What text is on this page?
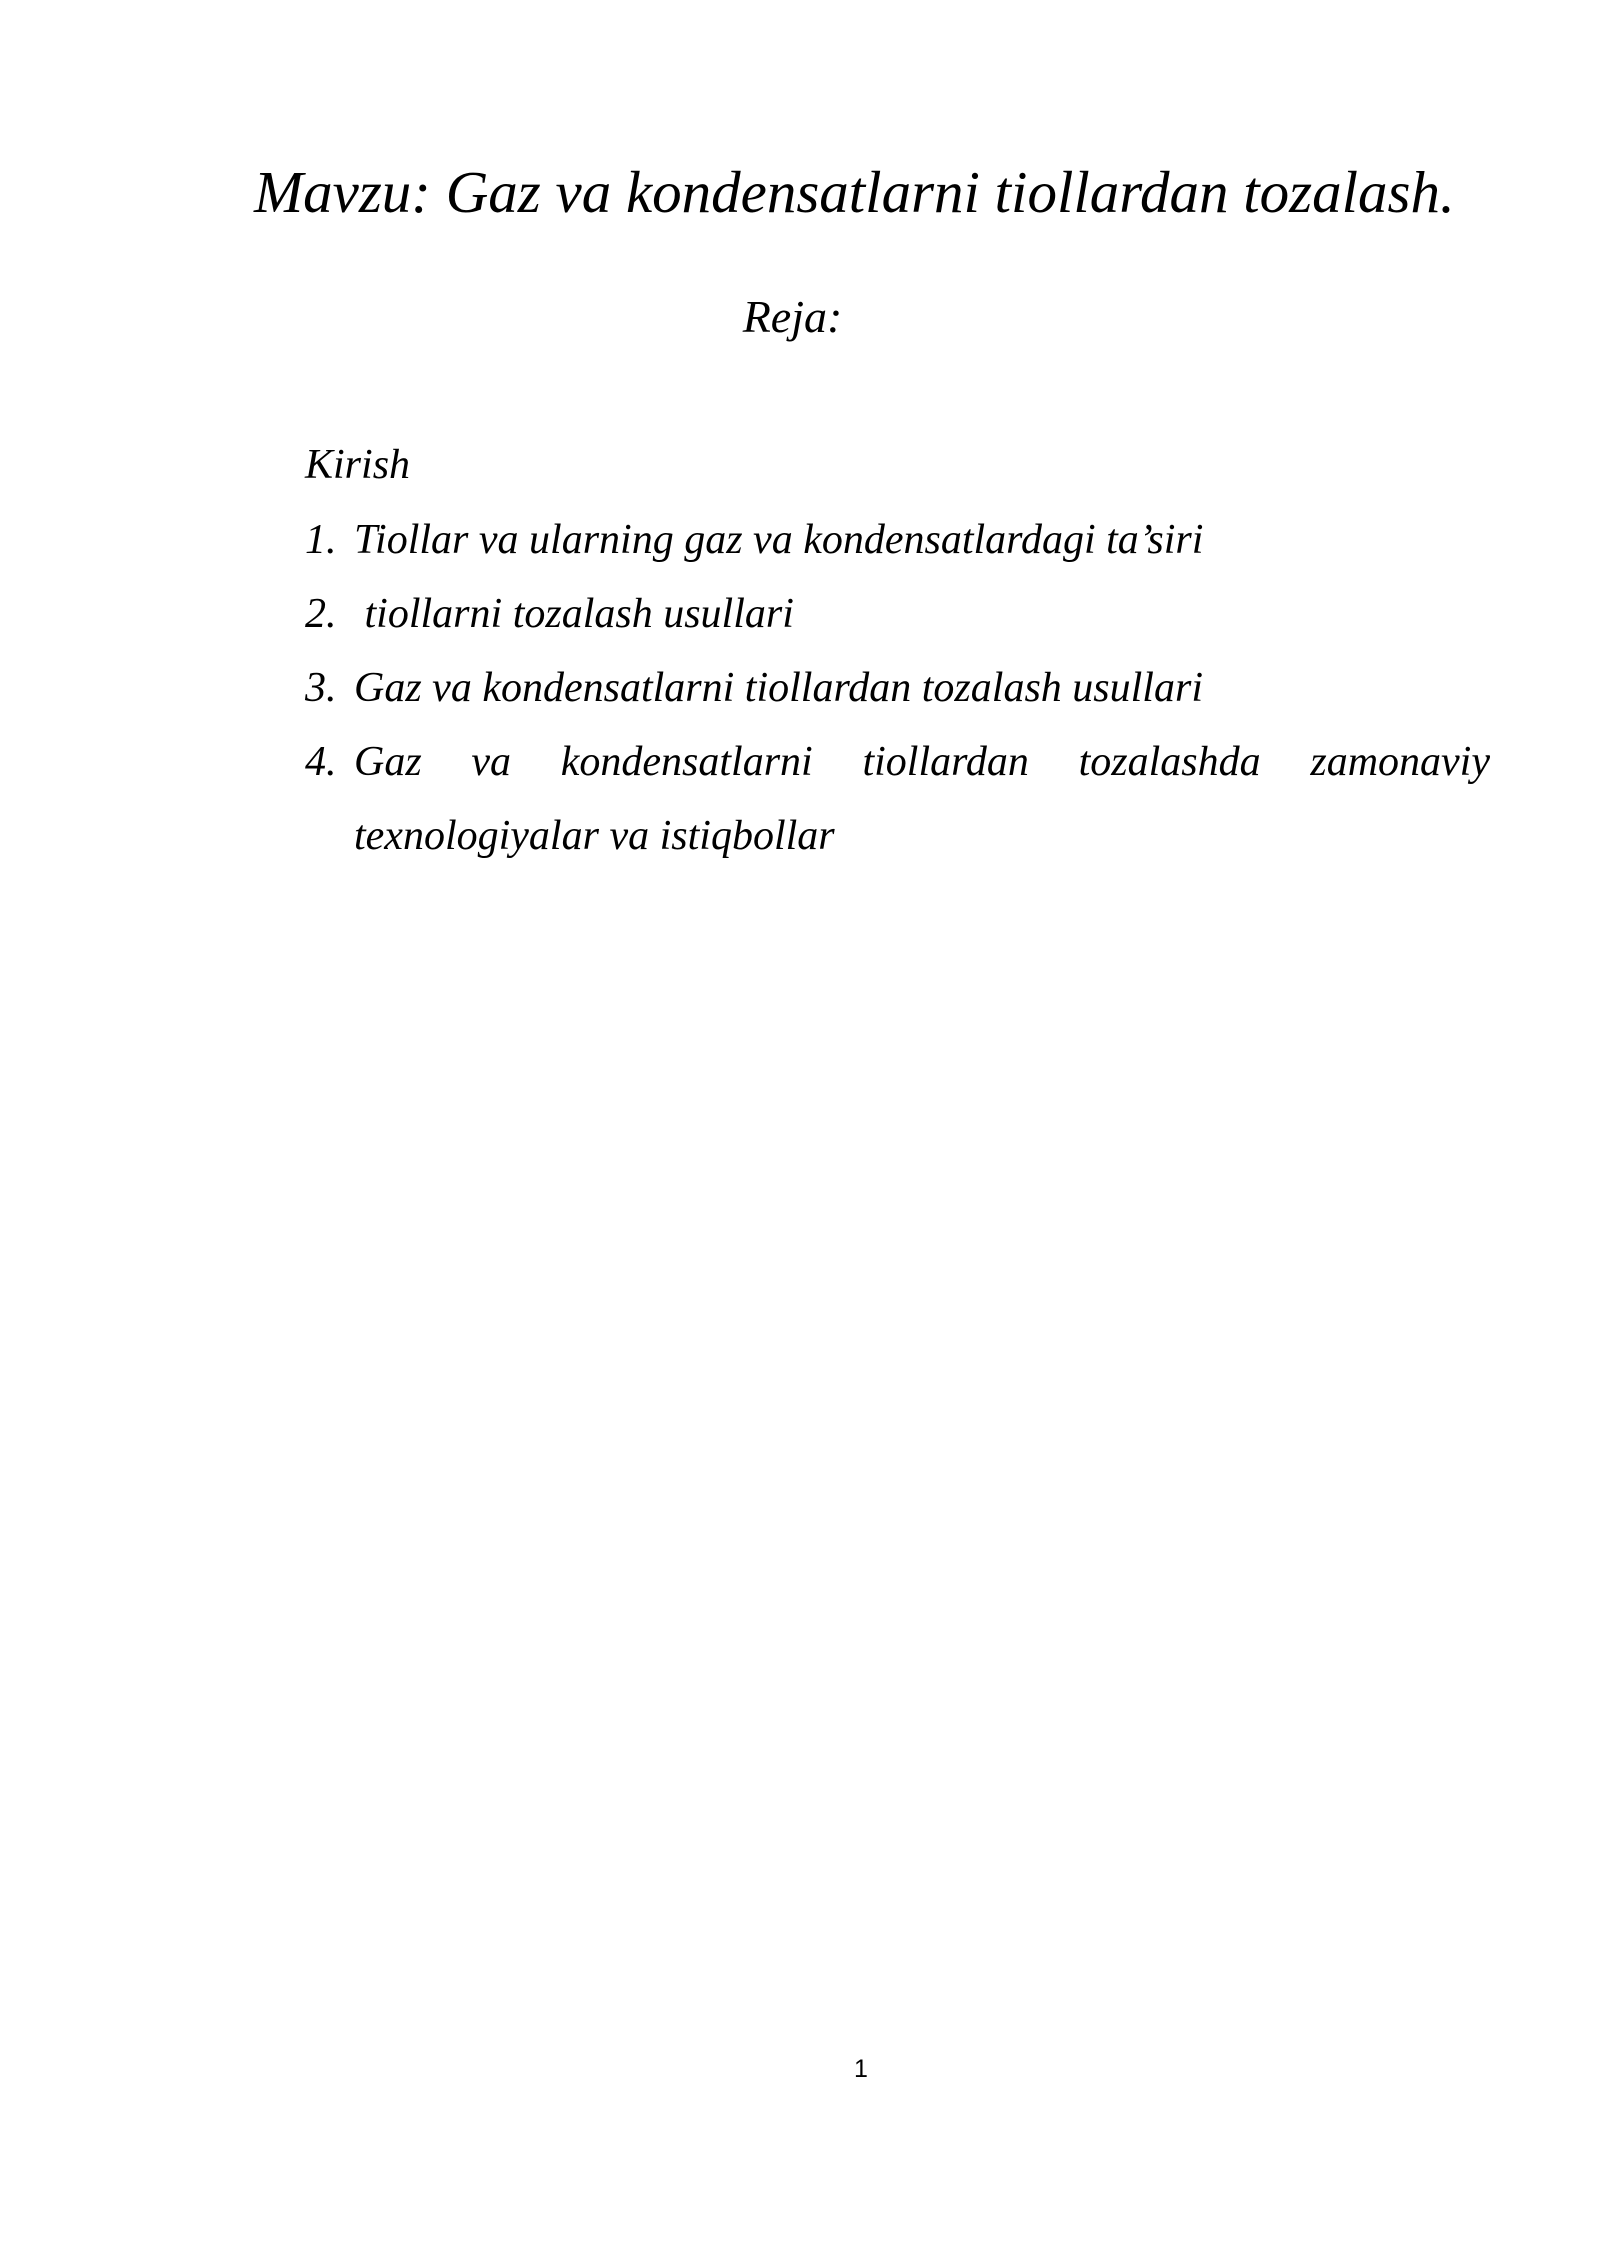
Mavzu: Gaz va kondensatlarni tiollardan tozalash.
Reja:

Kirish

1. Tiollar va ularning gaz va kondensatlardagi ta’siri
2. tiollarni tozalash usullari
3. Gaz va kondensatlarni tiollardan tozalash usullari
4. Gaz va kondensatlarni tiollardan tozalashda zamonaviy texnologiyalar va istiqbollar

1
